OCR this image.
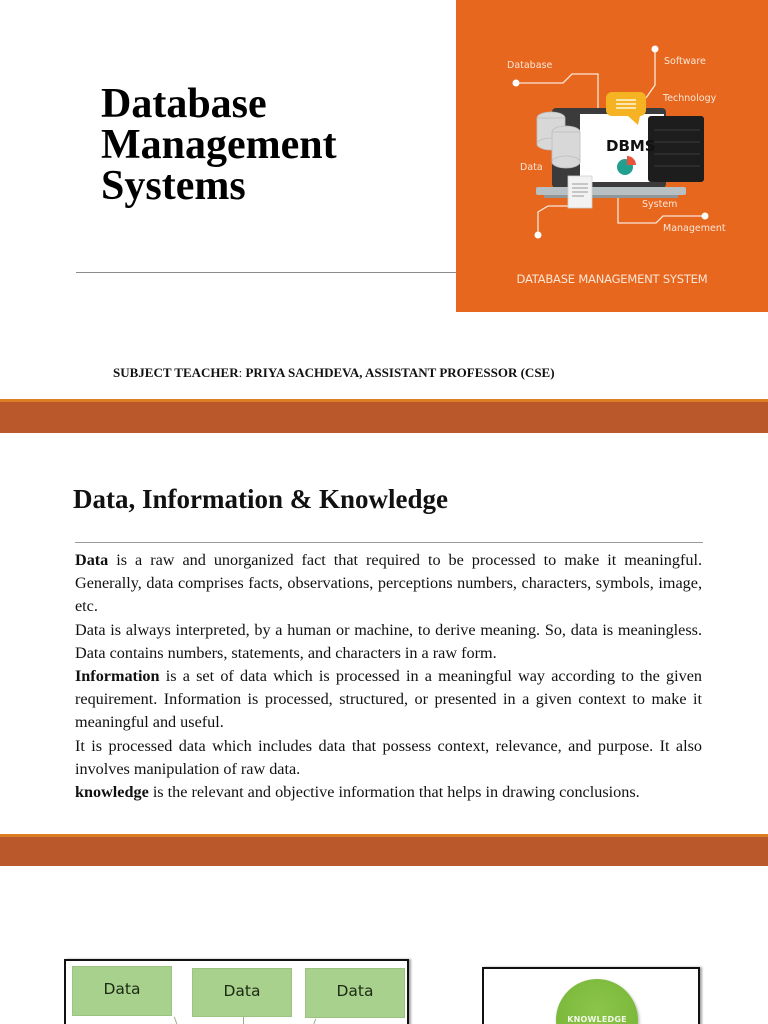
Database
Management
Systems
SUBJECT TEACHER: PRIYA SACHDEVA, ASSISTANT PROFESSOR (CSE)
DBMS
Database	Software
Technology
Data
System
Management
DATABASE MANAGEMENT SYSTEM
Data, Information & Knowledge

Data is a raw and unorganized fact that required to be processed to make it meaningful. Generally, data comprises facts, observations, perceptions numbers, characters, symbols, image, etc.

Data is always interpreted, by a human or machine, to derive meaning. So, data is meaningless. Data contains numbers, statements, and characters in a raw form.

Information is a set of data which is processed in a meaningful way according to the given requirement. Information is processed, structured, or presented in a given context to make it meaningful and useful.

It is processed data which includes data that possess context, relevance, and purpose. It also involves manipulation of raw data.

knowledge is the relevant and objective information that helps in drawing conclusions.

Data	Data	Data
KNOWLEDGE
